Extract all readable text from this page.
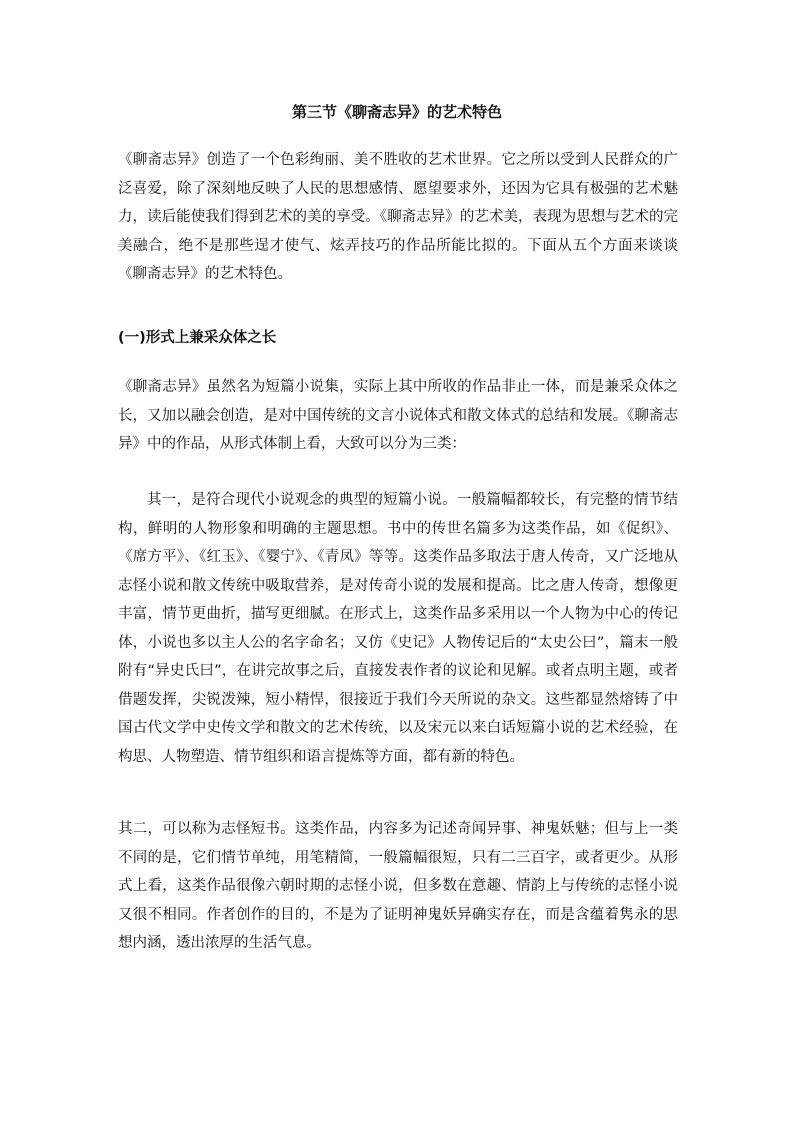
第三节《聊斋志异》的艺术特色

《聊斋志异》创造了一个色彩绚丽、美不胜收的艺术世界。它之所以受到人民群众的广泛喜爱，除了深刻地反映了人民的思想感情、愿望要求外，还因为它具有极强的艺术魅力，读后能使我们得到艺术的美的享受。《聊斋志异》的艺术美，表现为思想与艺术的完美融合，绝不是那些逞才使气、炫弄技巧的作品所能比拟的。下面从五个方面来谈谈《聊斋志异》的艺术特色。

(一)形式上兼采众体之长

《聊斋志异》虽然名为短篇小说集，实际上其中所收的作品非止一体，而是兼采众体之长，又加以融会创造，是对中国传统的文言小说体式和散文体式的总结和发展。《聊斋志异》中的作品，从形式体制上看，大致可以分为三类：

其一，是符合现代小说观念的典型的短篇小说。一般篇幅都较长，有完整的情节结构，鲜明的人物形象和明确的主题思想。书中的传世名篇多为这类作品，如《促织》、《席方平》、《红玉》、《婴宁》、《青凤》等等。这类作品多取法于唐人传奇，又广泛地从志怪小说和散文传统中吸取营养，是对传奇小说的发展和提高。比之唐人传奇，想像更丰富，情节更曲折，描写更细腻。在形式上，这类作品多采用以一个人物为中心的传记体，小说也多以主人公的名字命名；又仿《史记》人物传记后的“太史公曰”，篇末一般附有“异史氏曰”，在讲完故事之后，直接发表作者的议论和见解。或者点明主题，或者借题发挥，尖锐泼辣，短小精悍，很接近于我们今天所说的杂文。这些都显然熔铸了中国古代文学中史传文学和散文的艺术传统，以及宋元以来白话短篇小说的艺术经验，在构思、人物塑造、情节组织和语言提炼等方面，都有新的特色。

其二，可以称为志怪短书。这类作品，内容多为记述奇闻异事、神鬼妖魅；但与上一类不同的是，它们情节单纯，用笔精简，一般篇幅很短，只有二三百字，或者更少。从形式上看，这类作品很像六朝时期的志怪小说，但多数在意趣、情韵上与传统的志怪小说又很不相同。作者创作的目的，不是为了证明神鬼妖异确实存在，而是含蕴着隽永的思想内涵，透出浓厚的生活气息。
